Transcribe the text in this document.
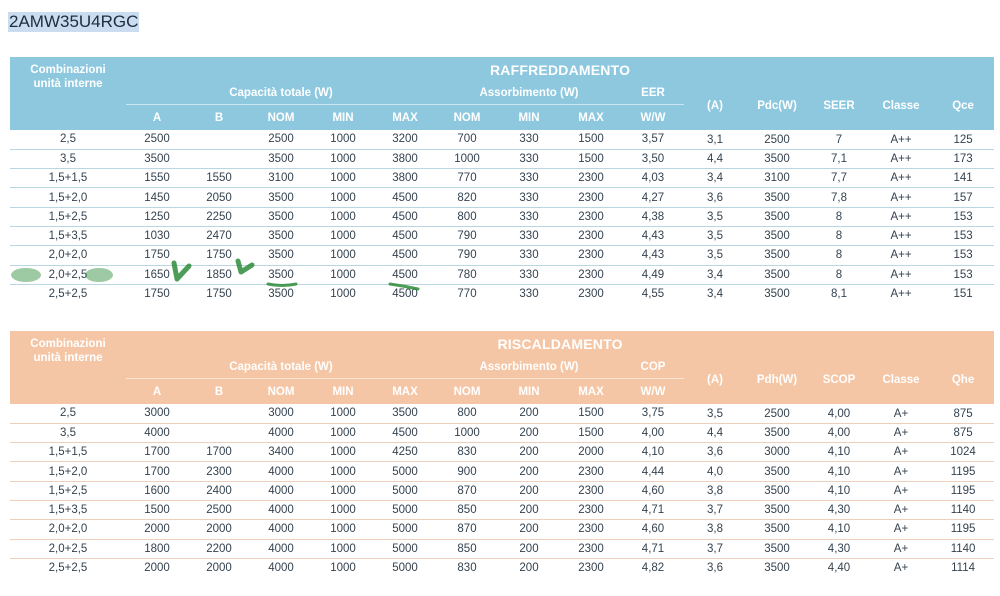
2AMW35U4RGC
Combinazioni unità interne	RAFFREDDAMENTO													
	Capacità totale (W)					Assorbimento (W)			EER	(A)	Pdc(W)	SEER	Classe	Qce
	A	B	NOM	MIN	MAX	NOM	MIN	MAX	W/W					
2,5	2500		2500	1000	3200	700	330	1500	3,57	3,1	2500	7	A++	125
3,5	3500		3500	1000	3800	1000	330	1500	3,50	4,4	3500	7,1	A++	173
1,5+1,5	1550	1550	3100	1000	3800	770	330	2300	4,03	3,4	3100	7,7	A++	141
1,5+2,0	1450	2050	3500	1000	4500	820	330	2300	4,27	3,6	3500	7,8	A++	157
1,5+2,5	1250	2250	3500	1000	4500	800	330	2300	4,38	3,5	3500	8	A++	153
1,5+3,5	1030	2470	3500	1000	4500	790	330	2300	4,43	3,5	3500	8	A++	153
2,0+2,0	1750	1750	3500	1000	4500	790	330	2300	4,43	3,5	3500	8	A++	153
2,0+2,5	1650	1850	3500	1000	4500	780	330	2300	4,49	3,4	3500	8	A++	153
2,5+2,5	1750	1750	3500	1000	4500	770	330	2300	4,55	3,4	3500	8,1	A++	151
Combinazioni unità interne	RISCALDAMENTO													
	Capacità totale (W)					Assorbimento (W)			COP	(A)	Pdh(W)	SCOP	Classe	Qhe
	A	B	NOM	MIN	MAX	NOM	MIN	MAX	W/W					
2,5	3000		3000	1000	3500	800	200	1500	3,75	3,5	2500	4,00	A+	875
3,5	4000		4000	1000	4500	1000	200	1500	4,00	4,4	3500	4,00	A+	875
1,5+1,5	1700	1700	3400	1000	4250	830	200	2000	4,10	3,6	3000	4,10	A+	1024
1,5+2,0	1700	2300	4000	1000	5000	900	200	2300	4,44	4,0	3500	4,10	A+	1195
1,5+2,5	1600	2400	4000	1000	5000	870	200	2300	4,60	3,8	3500	4,10	A+	1195
1,5+3,5	1500	2500	4000	1000	5000	850	200	2300	4,71	3,7	3500	4,30	A+	1140
2,0+2,0	2000	2000	4000	1000	5000	870	200	2300	4,60	3,8	3500	4,10	A+	1195
2,0+2,5	1800	2200	4000	1000	5000	850	200	2300	4,71	3,7	3500	4,30	A+	1140
2,5+2,5	2000	2000	4000	1000	5000	830	200	2300	4,82	3,6	3500	4,40	A+	1114
